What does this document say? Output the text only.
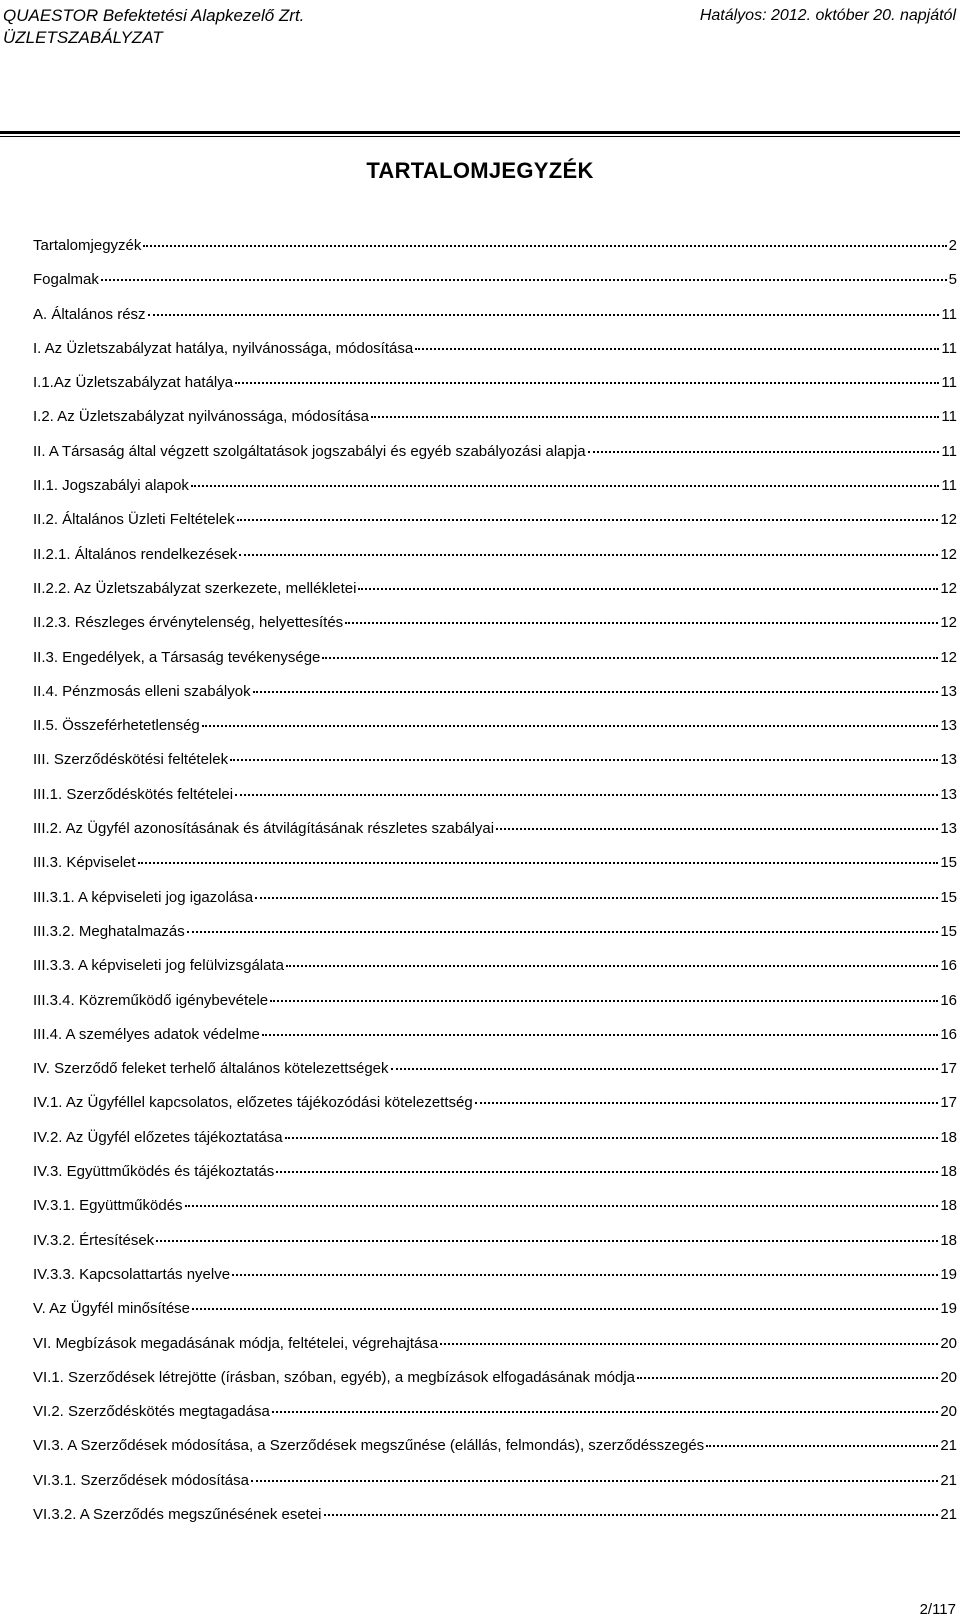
QUAESTOR Befektetési Alapkezelő Zrt.
ÜZLETSZABÁLYZAT
Hatályos: 2012. október 20. napjától
TARTALOMJEGYZÉK
Tartalomjegyzék	2
Fogalmak	5
A. Általános rész	11
I. Az Üzletszabályzat hatálya, nyilvánossága, módosítása	11
I.1.Az Üzletszabályzat hatálya	11
I.2. Az Üzletszabályzat nyilvánossága, módosítása	11
II. A Társaság által végzett szolgáltatások jogszabályi és egyéb szabályozási alapja	11
II.1. Jogszabályi alapok	11
II.2. Általános Üzleti Feltételek	12
II.2.1. Általános rendelkezések	12
II.2.2. Az Üzletszabályzat szerkezete, mellékletei	12
II.2.3. Részleges érvénytelenség, helyettesítés	12
II.3. Engedélyek, a Társaság tevékenysége	12
II.4. Pénzmosás elleni szabályok	13
II.5. Összeférhetetlenség	13
III. Szerződéskötési feltételek	13
III.1. Szerződéskötés feltételei	13
III.2. Az Ügyfél azonosításának és átvilágításának részletes szabályai	13
III.3. Képviselet	15
III.3.1. A képviseleti jog igazolása	15
III.3.2. Meghatalmazás	15
III.3.3. A képviseleti jog felülvizsgálata	16
III.3.4. Közreműködő igénybevétele	16
III.4. A személyes adatok védelme	16
IV. Szerződő feleket terhelő általános kötelezettségek	17
IV.1. Az Ügyféllel kapcsolatos, előzetes tájékozódási kötelezettség	17
IV.2. Az Ügyfél előzetes tájékoztatása	18
IV.3. Együttműködés és tájékoztatás	18
IV.3.1. Együttműködés	18
IV.3.2. Értesítések	18
IV.3.3. Kapcsolattartás nyelve	19
V. Az Ügyfél minősítése	19
VI. Megbízások megadásának módja, feltételei, végrehajtása	20
VI.1. Szerződések létrejötte (írásban, szóban, egyéb), a megbízások elfogadásának módja	20
VI.2. Szerződéskötés megtagadása	20
VI.3. A Szerződések módosítása, a Szerződések megszűnése (elállás, felmondás), szerződésszegés	21
VI.3.1. Szerződések módosítása	21
VI.3.2. A Szerződés megszűnésének esetei	21
2/117
